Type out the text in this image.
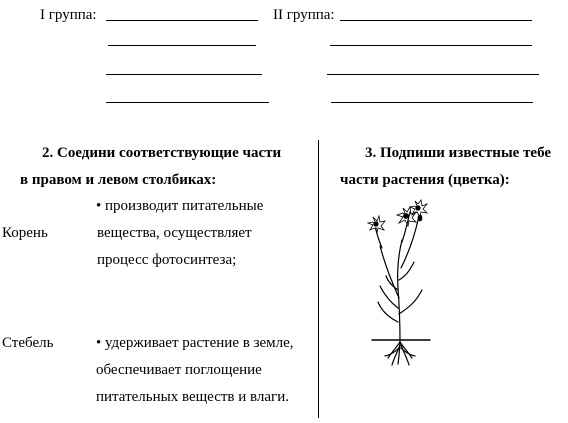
I группа:	II группа:
2. Соедини соответствующие части
в правом и левом столбиках:
• производит питательные
вещества, осуществляет
процесс фотосинтеза;
Корень
Стебель	• удерживает растение в земле,
обеспечивает поглощение
питательных веществ и влаги.
3. Подпиши известные тебе
части растения (цветка):
